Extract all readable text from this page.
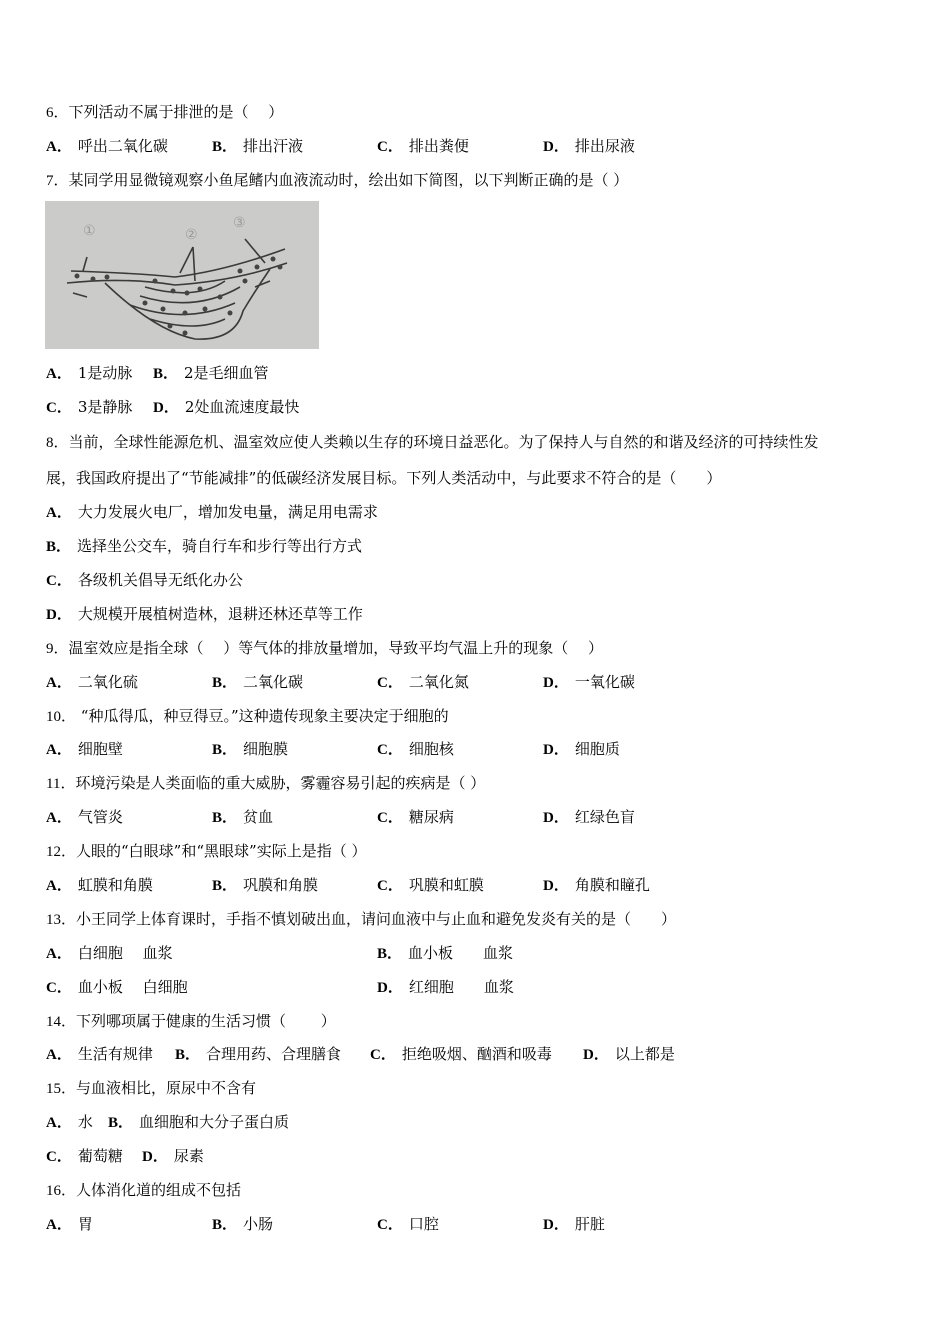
6．下列活动不属于排泄的是（　 ）
A． 呼出二氧化碳	B． 排出汗液	C． 排出粪便	D． 排出尿液
7．某同学用显微镜观察小鱼尾鳍内血液流动时，绘出如下简图，以下判断正确的是（ ）
①	②
③
A． 1是动脉 B． 2是毛细血管
C． 3是静脉 D． 2处血流速度最快
8．当前，全球性能源危机、温室效应使人类赖以生存的环境日益恶化。为了保持人与自然的和谐及经济的可持续性发
展，我国政府提出了“节能减排”的低碳经济发展目标。下列人类活动中，与此要求不符合的是（　　）
A． 大力发展火电厂，增加发电量，满足用电需求
B． 选择坐公交车，骑自行车和步行等出行方式
C． 各级机关倡导无纸化办公
D． 大规模开展植树造林，退耕还林还草等工作
9．温室效应是指全球（　 ）等气体的排放量增加，导致平均气温上升的现象（　 ）
A． 二氧化硫	B． 二氧化碳	C． 二氧化氮	D． 一氧化碳
10． “种瓜得瓜，种豆得豆。”这种遗传现象主要决定于细胞的
A． 细胞壁	B． 细胞膜	C． 细胞核	D． 细胞质
11．环境污染是人类面临的重大威胁，雾霾容易引起的疾病是（ ）
A． 气管炎	B． 贫血	C． 糖尿病	D． 红绿色盲
12．人眼的“白眼球”和“黑眼球”实际上是指（ ）
A． 虹膜和角膜	B． 巩膜和角膜	C． 巩膜和虹膜	D． 角膜和瞳孔
13．小王同学上体育课时，手指不慎划破出血，请问血液中与止血和避免发炎有关的是（　　）
A． 白细胞　 血浆	B． 血小板　　血浆
C． 血小板　 白细胞	D． 红细胞　　血浆
14．下列哪项属于健康的生活习惯（　　 ）
A． 生活有规律 B． 合理用药、合理膳食 C． 拒绝吸烟、酗酒和吸毒 D． 以上都是
15．与血液相比，原尿中不含有
A． 水 B． 血细胞和大分子蛋白质
C． 葡萄糖 D． 尿素
16．人体消化道的组成不包括
A． 胃	B． 小肠	C． 口腔	D． 肝脏
